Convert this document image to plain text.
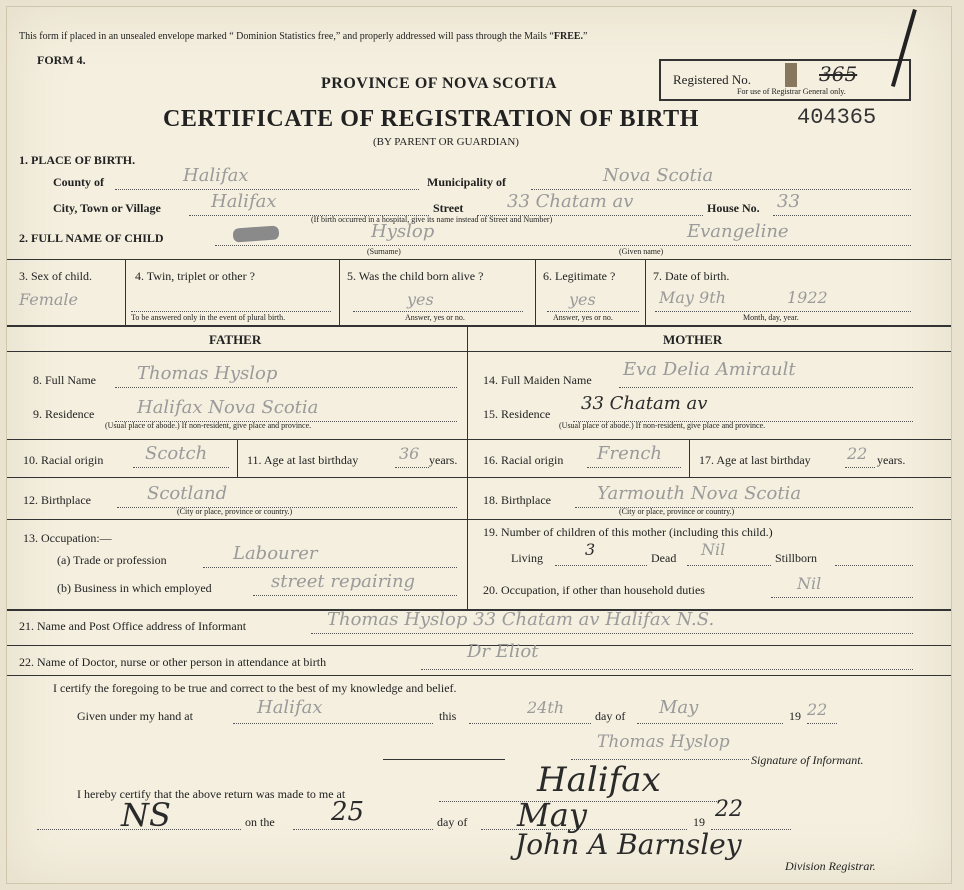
This form if placed in an unsealed envelope marked “ Dominion Statistics free,” and properly addressed will pass through the Mails “FREE.”
FORM 4.
PROVINCE OF NOVA SCOTIA
CERTIFICATE OF REGISTRATION OF BIRTH
(BY PARENT OR GUARDIAN)
Registered No.	365
For use of Registrar General only.
404365
1. PLACE OF BIRTH.
County of	Halifax	Municipality of	Nova Scotia
City, Town or Village	Halifax	Street 33 Chatam av	House No. 33
(If birth occurred in a hospital, give its name instead of Street and Number)
2. FULL NAME OF CHILD	Hyslop	Evangeline
(Surname)	(Given name)
3. Sex of child.
Female
4. Twin, triplet or other ?
To be answered only in the event of plural birth.
5. Was the child born alive ?
yes
Answer, yes or no.
6. Legitimate ?
yes
Answer, yes or no.
7. Date of birth.
May 9th	1922
Month, day, year.
FATHER	MOTHER
8. Full Name Thomas Hyslop
9. Residence Halifax Nova Scotia
(Usual place of abode.) If non-resident, give place and province.
10. Racial origin Scotch	11. Age at last birthday	36 years.
12. Birthplace	Scotland
(City or place, province or country.)
13. Occupation:—
(a) Trade or profession	Labourer
(b) Business in which employed	street repairing
14. Full Maiden Name Eva Delia Amirault
15. Residence 33 Chatam av
(Usual place of abode.) If non-resident, give place and province.
16. Racial origin French	17. Age at last birthday 22 years.
18. Birthplace	Yarmouth Nova Scotia
(City or place, province or country.)
19. Number of children of this mother (including this child.)
Living	3	Dead Nil	Stillborn
20. Occupation, if other than household duties	Nil
21. Name and Post Office address of Informant	Thomas Hyslop 33 Chatam av Halifax N.S.
22. Name of Doctor, nurse or other person in attendance at birth	Dr Eliot
I certify the foregoing to be true and correct to the best of my knowledge and belief.
Given under my hand at	Halifax	this	24th	day of May	19 22
Thomas Hyslop
Signature of Informant.
I hereby certify that the above return was made to me at	Halifax
NS	on the 25	day of May	19 22
John A Barnsley
Division Registrar.
